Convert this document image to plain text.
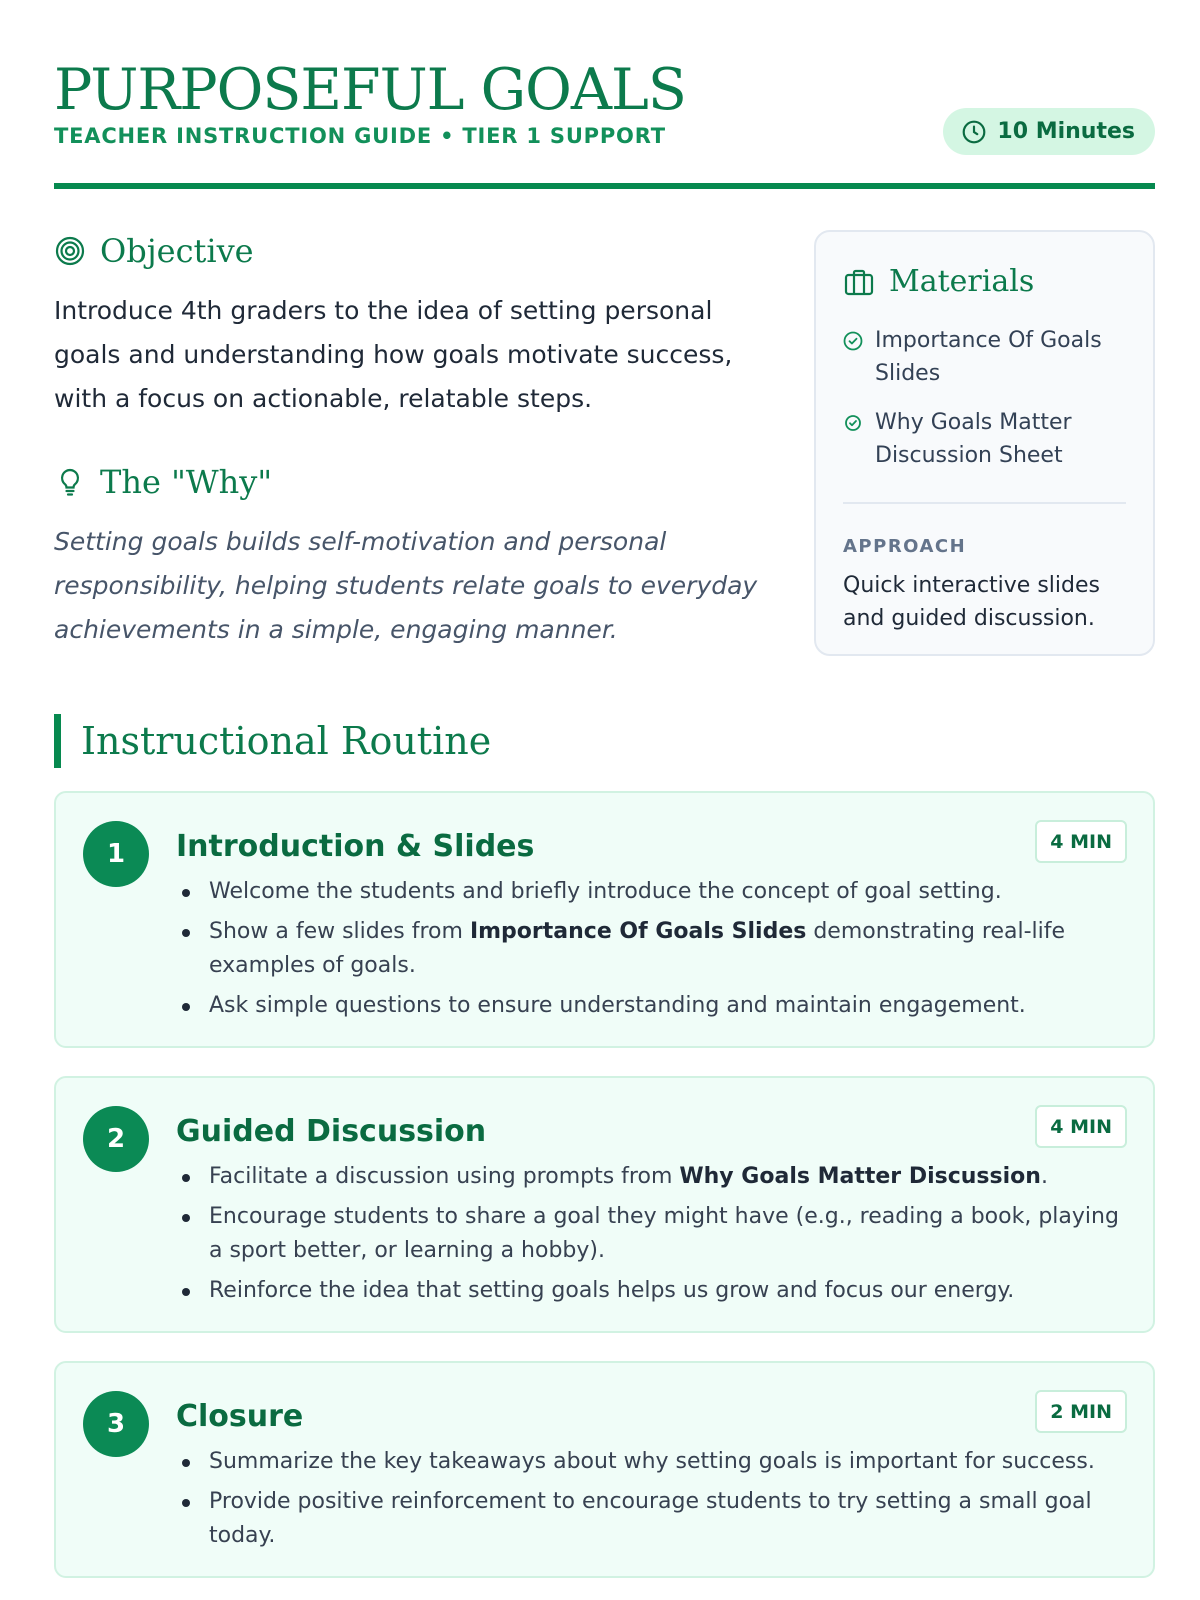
PURPOSEFUL GOALS
TEACHER INSTRUCTION GUIDE • TIER 1 SUPPORT	10 Minutes
Objective

Introduce 4th graders to the idea of setting personal goals and understanding how goals motivate success, with a focus on actionable, relatable steps.

The "Why"

Setting goals builds self-motivation and personal responsibility, helping students relate goals to everyday achievements in a simple, engaging manner.

Materials
Importance Of Goals Slides
Why Goals Matter Discussion Sheet
APPROACH
Quick interactive slides and guided discussion.
Instructional Routine
1	Introduction & Slides	4 MIN
Welcome the students and briefly introduce the concept of goal setting.
Show a few slides from Importance Of Goals Slides demonstrating real-life examples of goals.
Ask simple questions to ensure understanding and maintain engagement.
2	Guided Discussion	4 MIN
Facilitate a discussion using prompts from Why Goals Matter Discussion.
Encourage students to share a goal they might have (e.g., reading a book, playing a sport better, or learning a hobby).
Reinforce the idea that setting goals helps us grow and focus our energy.
3	Closure	2 MIN
Summarize the key takeaways about why setting goals is important for success.
Provide positive reinforcement to encourage students to try setting a small goal today.
